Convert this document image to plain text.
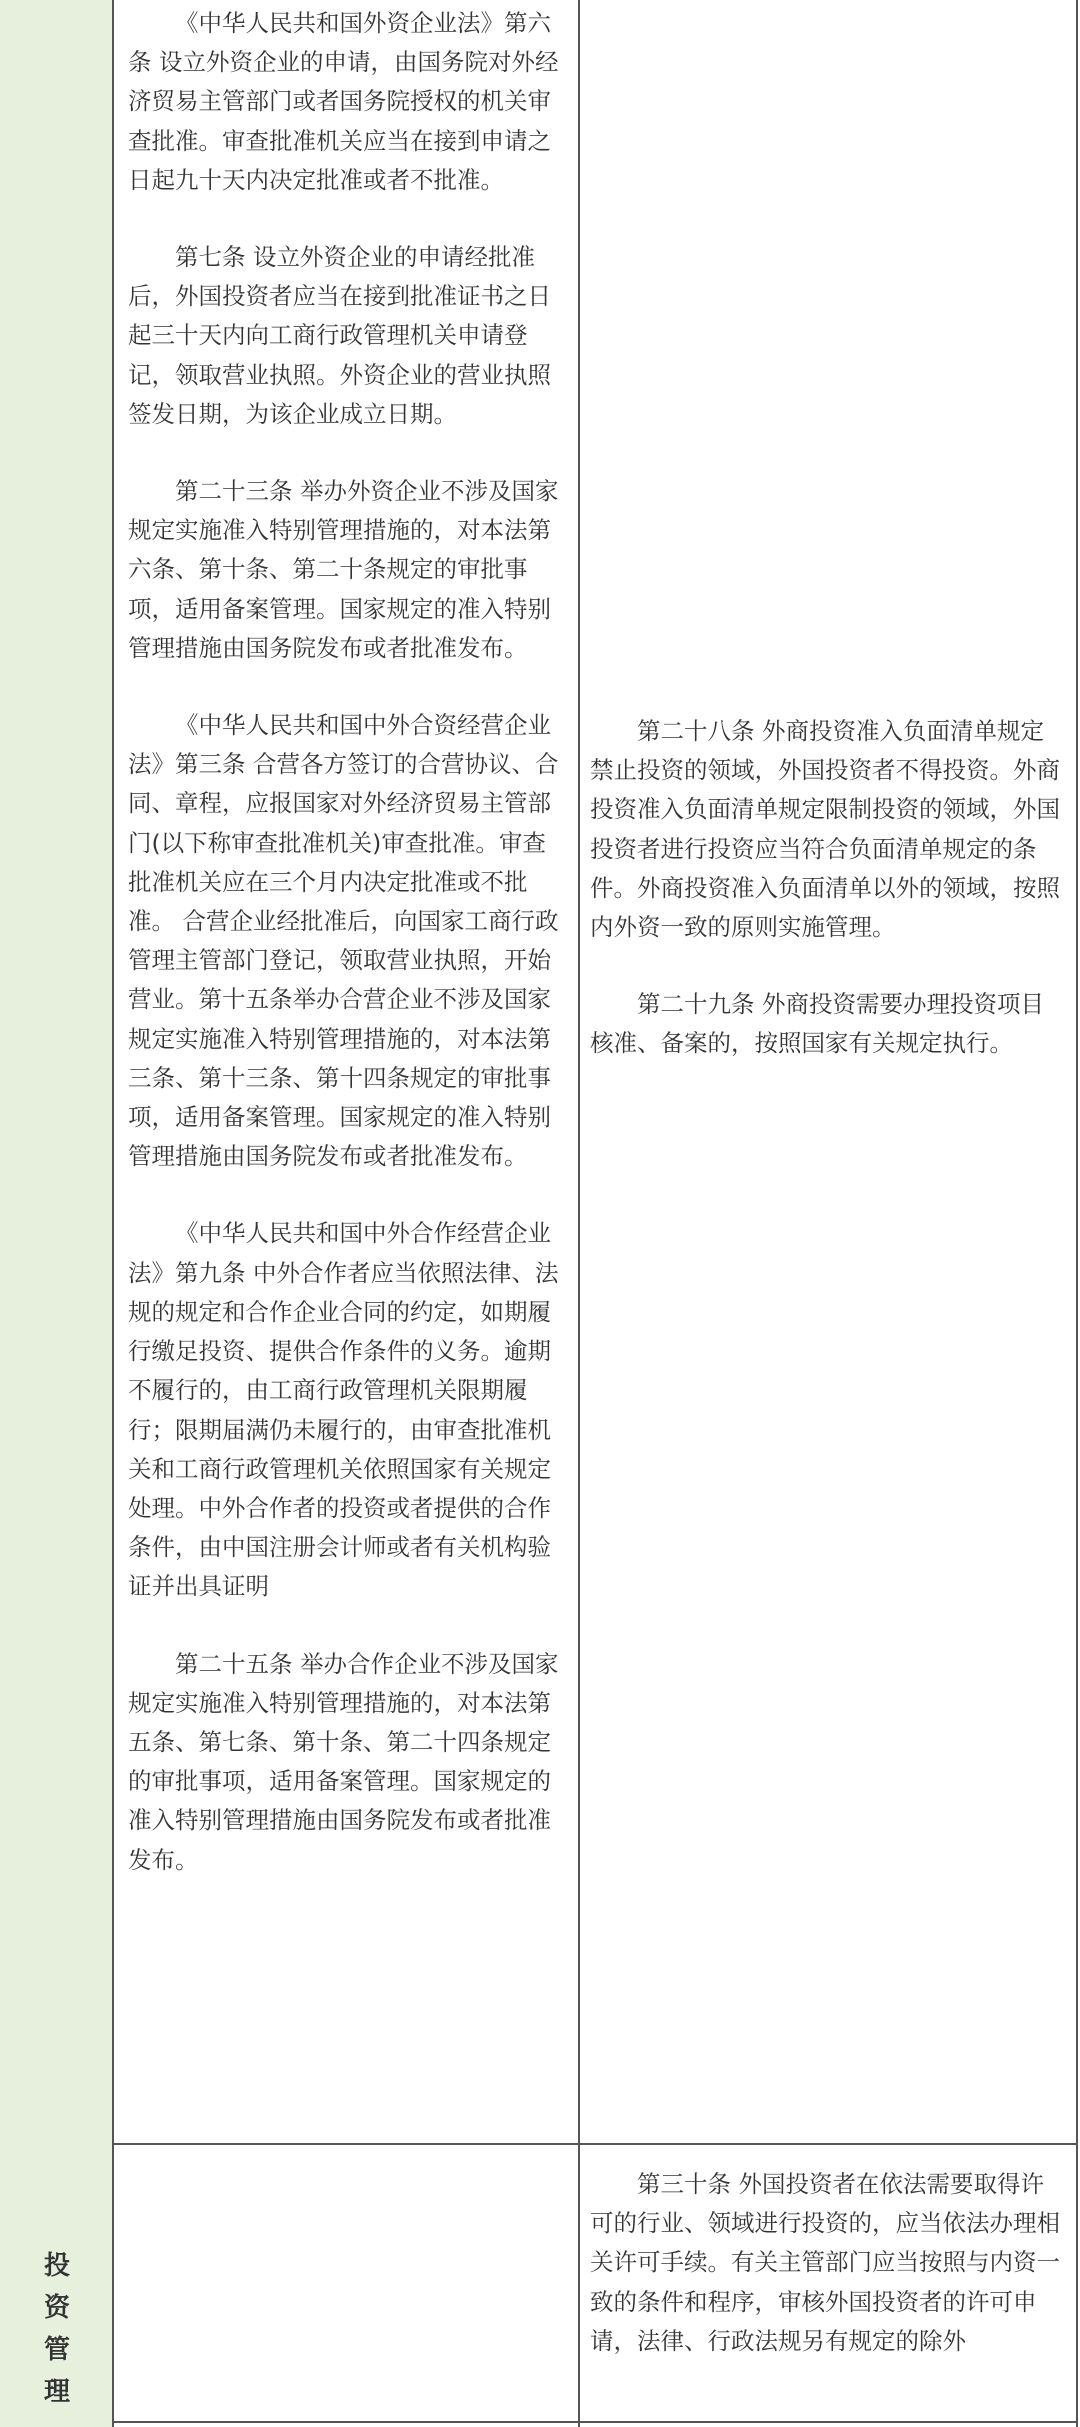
投
资
管
理

《中华人民共和国外资企业法》第六条 设立外资企业的申请，由国务院对外经济贸易主管部门或者国务院授权的机关审查批准。审查批准机关应当在接到申请之日起九十天内决定批准或者不批准。

第七条 设立外资企业的申请经批准后，外国投资者应当在接到批准证书之日起三十天内向工商行政管理机关申请登记，领取营业执照。外资企业的营业执照签发日期，为该企业成立日期。

第二十三条 举办外资企业不涉及国家规定实施准入特别管理措施的，对本法第六条、第十条、第二十条规定的审批事项，适用备案管理。国家规定的准入特别管理措施由国务院发布或者批准发布。

《中华人民共和国中外合资经营企业法》第三条 合营各方签订的合营协议、合同、章程，应报国家对外经济贸易主管部门(以下称审查批准机关)审查批准。审查批准机关应在三个月内决定批准或不批准。 合营企业经批准后，向国家工商行政管理主管部门登记，领取营业执照，开始营业。第十五条举办合营企业不涉及国家规定实施准入特别管理措施的，对本法第三条、第十三条、第十四条规定的审批事项，适用备案管理。国家规定的准入特别管理措施由国务院发布或者批准发布。

《中华人民共和国中外合作经营企业法》第九条 中外合作者应当依照法律、法规的规定和合作企业合同的约定，如期履行缴足投资、提供合作条件的义务。逾期不履行的，由工商行政管理机关限期履行；限期届满仍未履行的，由审查批准机关和工商行政管理机关依照国家有关规定处理。中外合作者的投资或者提供的合作条件，由中国注册会计师或者有关机构验证并出具证明

第二十五条 举办合作企业不涉及国家规定实施准入特别管理措施的，对本法第五条、第七条、第十条、第二十四条规定的审批事项，适用备案管理。国家规定的准入特别管理措施由国务院发布或者批准发布。

第二十八条 外商投资准入负面清单规定禁止投资的领域，外国投资者不得投资。外商投资准入负面清单规定限制投资的领域，外国投资者进行投资应当符合负面清单规定的条件。外商投资准入负面清单以外的领域，按照内外资一致的原则实施管理。

第二十九条 外商投资需要办理投资项目核准、备案的，按照国家有关规定执行。

第三十条 外国投资者在依法需要取得许可的行业、领域进行投资的，应当依法办理相关许可手续。有关主管部门应当按照与内资一致的条件和程序，审核外国投资者的许可申请，法律、行政法规另有规定的除外
